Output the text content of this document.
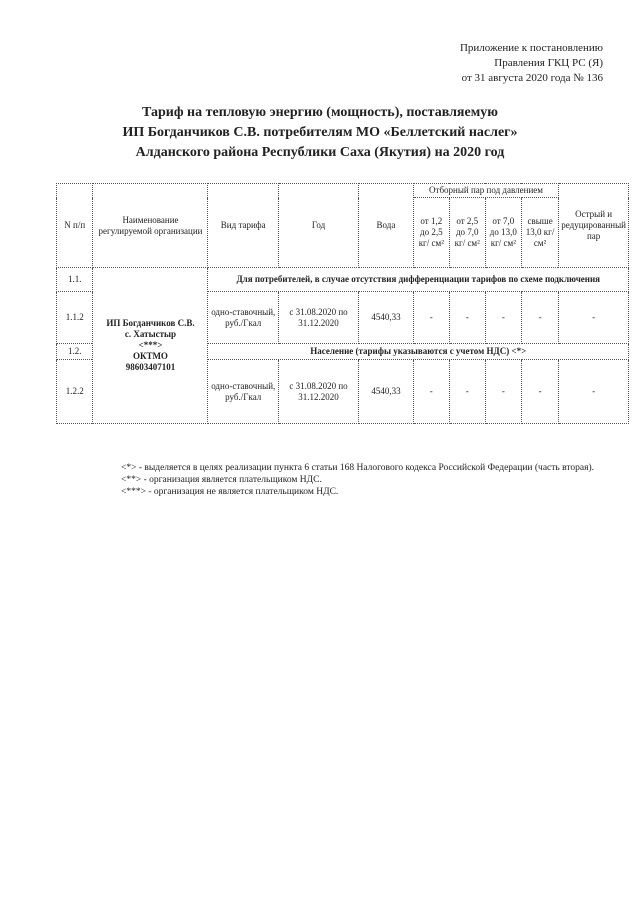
Приложение к постановлению
Правления ГКЦ РС (Я)
от 31 августа 2020 года № 136
Тариф на тепловую энергию (мощность), поставляемую
ИП Богданчиков С.В. потребителям МО «Беллетский наслег»
Алданского района Республики Саха (Якутия) на 2020 год
N п/п	Наименование регулируемой организации	Вид тарифа	Год	Вода	Отборный пар под давлением				Острый и редуцированный пар
					от 1,2 до 2,5 кг/ см²	от 2,5 до 7,0 кг/ см²	от 7,0 до 13,0 кг/ см²	свыше 13,0 кг/ см²	
1.1.	ИП Богданчиков С.В.
с. Хатыстыр
<***>
ОКТМО
98603407101	Для потребителей, в случае отсутствия дифференциации тарифов по схеме подключения							
1.1.2		одно-ставочный, руб./Гкал	с 31.08.2020 по 31.12.2020	4540,33	-	-	-	-	-
1.2.		Население (тарифы указываются с учетом НДС) <*>							
1.2.2		одно-ставочный, руб./Гкал	с 31.08.2020 по 31.12.2020	4540,33	-	-	-	-	-

<*> - выделяется в целях реализации пункта 6 статьи 168 Налогового кодекса Российской Федерации (часть вторая).

<**> - организация является плательщиком НДС.

<***> - организация не является плательщиком НДС.
